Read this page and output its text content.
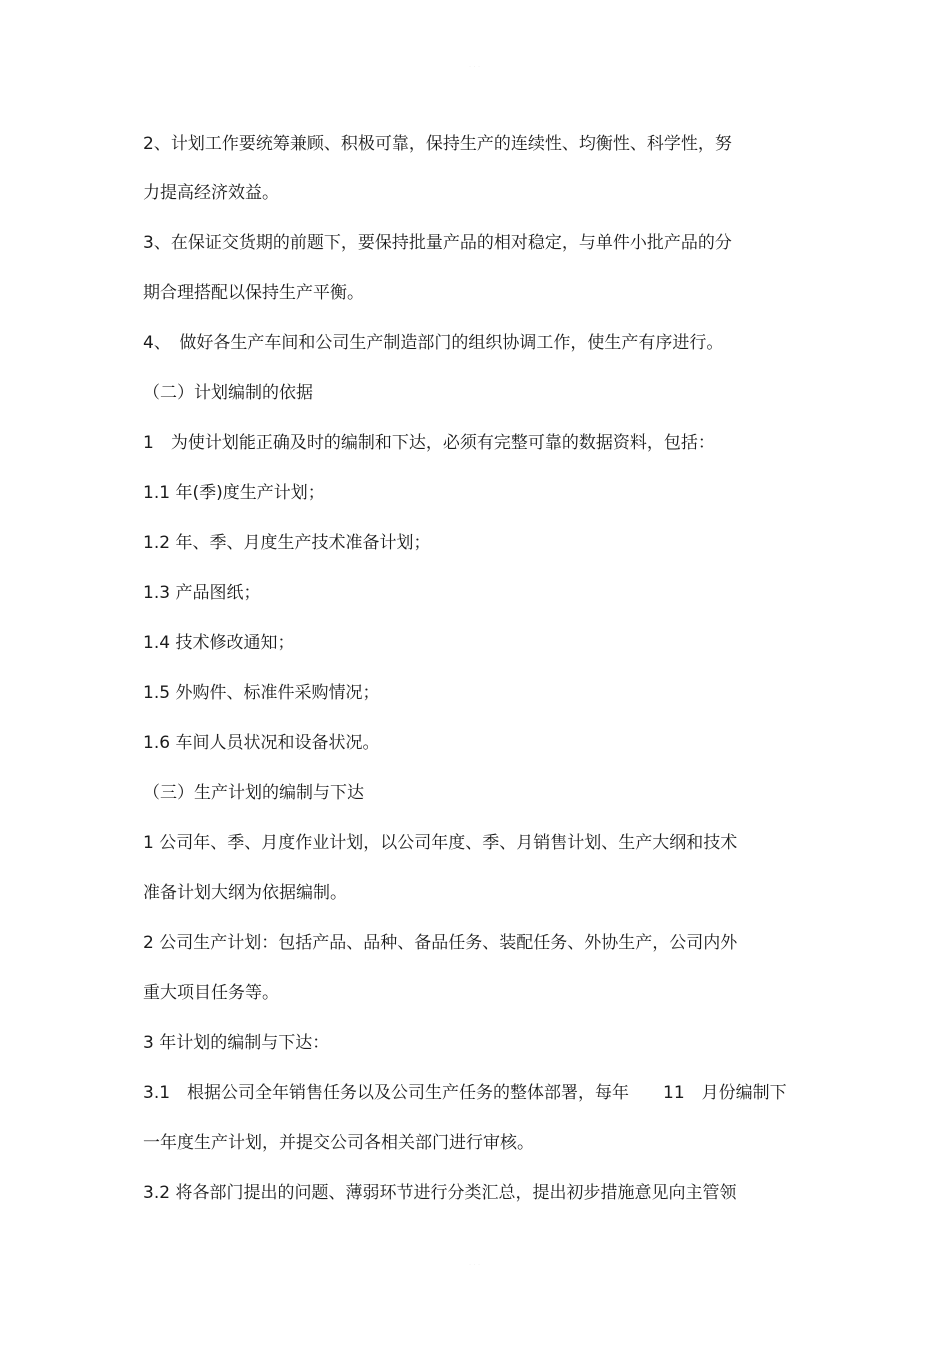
. . .
2、计划工作要统筹兼顾、积极可靠，保持生产的连续性、均衡性、科学性，努
力提高经济效益。
3、在保证交货期的前题下，要保持批量产品的相对稳定，与单件小批产品的分
期合理搭配以保持生产平衡。
4、　做好各生产车间和公司生产制造部门的组织协调工作，使生产有序进行。
（二）计划编制的依据
1　为使计划能正确及时的编制和下达，必须有完整可靠的数据资料，包括：
1.1 年(季)度生产计划；
1.2 年、季、月度生产技术准备计划；
1.3 产品图纸；
1.4 技术修改通知；
1.5 外购件、标准件采购情况；
1.6 车间人员状况和设备状况。
（三）生产计划的编制与下达
1 公司年、季、月度作业计划，以公司年度、季、月销售计划、生产大纲和技术
准备计划大纲为依据编制。
2 公司生产计划：包括产品、品种、备品任务、装配任务、外协生产，公司内外
重大项目任务等。
3 年计划的编制与下达：
3.1　根据公司全年销售任务以及公司生产任务的整体部署，每年　　11　月份编制下
一年度生产计划，并提交公司各相关部门进行审核。
3.2 将各部门提出的问题、薄弱环节进行分类汇总，提出初步措施意见向主管领
. . .
